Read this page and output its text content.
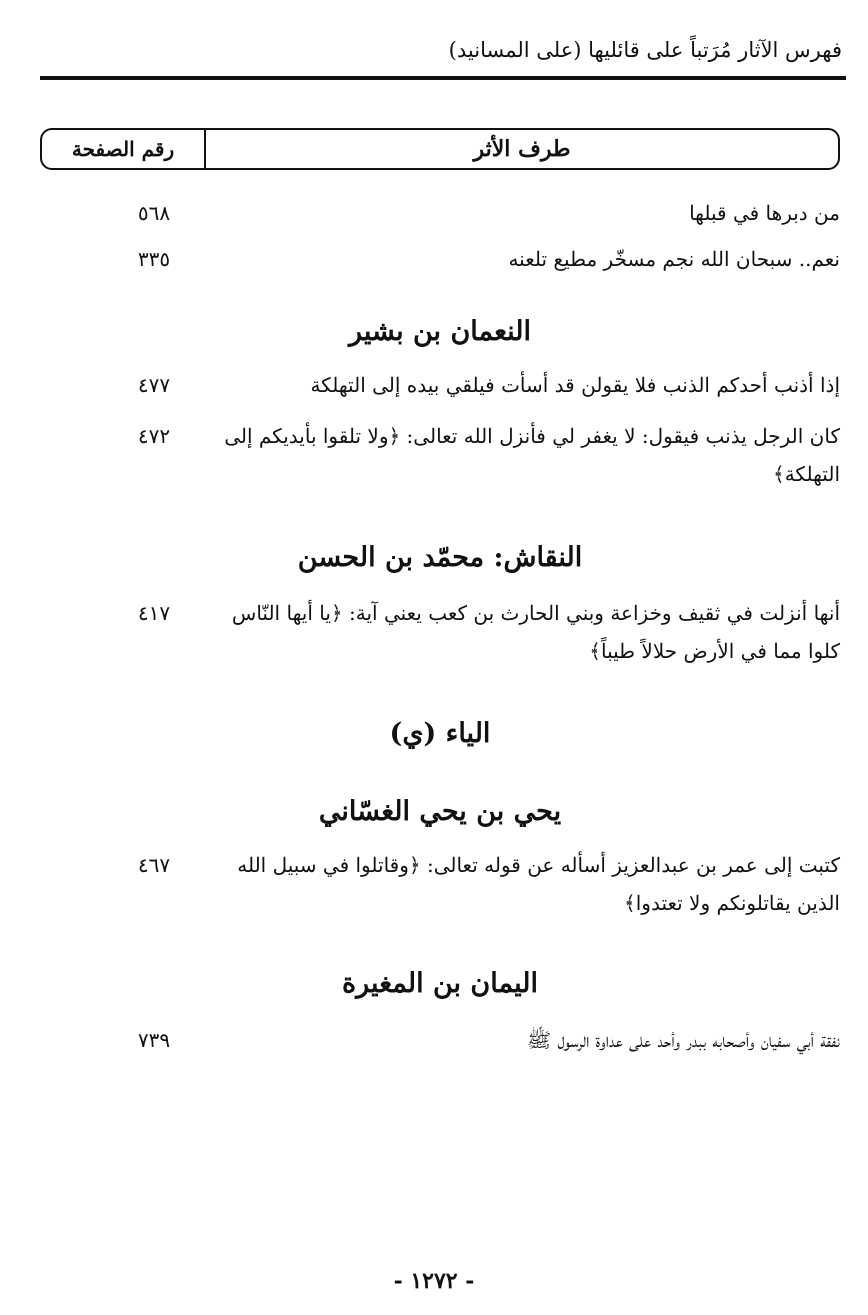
فهرس الآثار مُرَتباً على قائليها (على المسانيد)
طرف الأثر
رقم الصفحة
من دبرها في قبلها
٥٦٨
نعم.. سبحان الله نجم مسخّر مطيع تلعنه
٣٣٥
النعمان بن بشير
إذا أذنب أحدكم الذنب فلا يقولن قد أسأت فيلقي بيده إلى التهلكة
٤٧٧
كان الرجل يذنب فيقول: لا يغفر لي فأنزل الله تعالى: ﴿ولا تلقوا بأيديكم إلى التهلكة﴾
٤٧٢
النقاش: محمّد بن الحسن
أنها أنزلت في ثقيف وخزاعة وبني الحارث بن كعب يعني آية: ﴿يا أيها النّاس كلوا مما في الأرض حلالاً طيباً﴾
٤١٧
الياء (ي)
يحي بن يحي الغسّاني
كتبت إلى عمر بن عبدالعزيز أسأله عن قوله تعالى: ﴿وقاتلوا في سبيل الله الذين يقاتلونكم ولا تعتدوا﴾
٤٦٧
اليمان بن المغيرة
نفقة أبي سفيان وأصحابه ببدر وأحد على عداوة الرسول ﷺ
٧٣٩
- ١٢٧٢ -
